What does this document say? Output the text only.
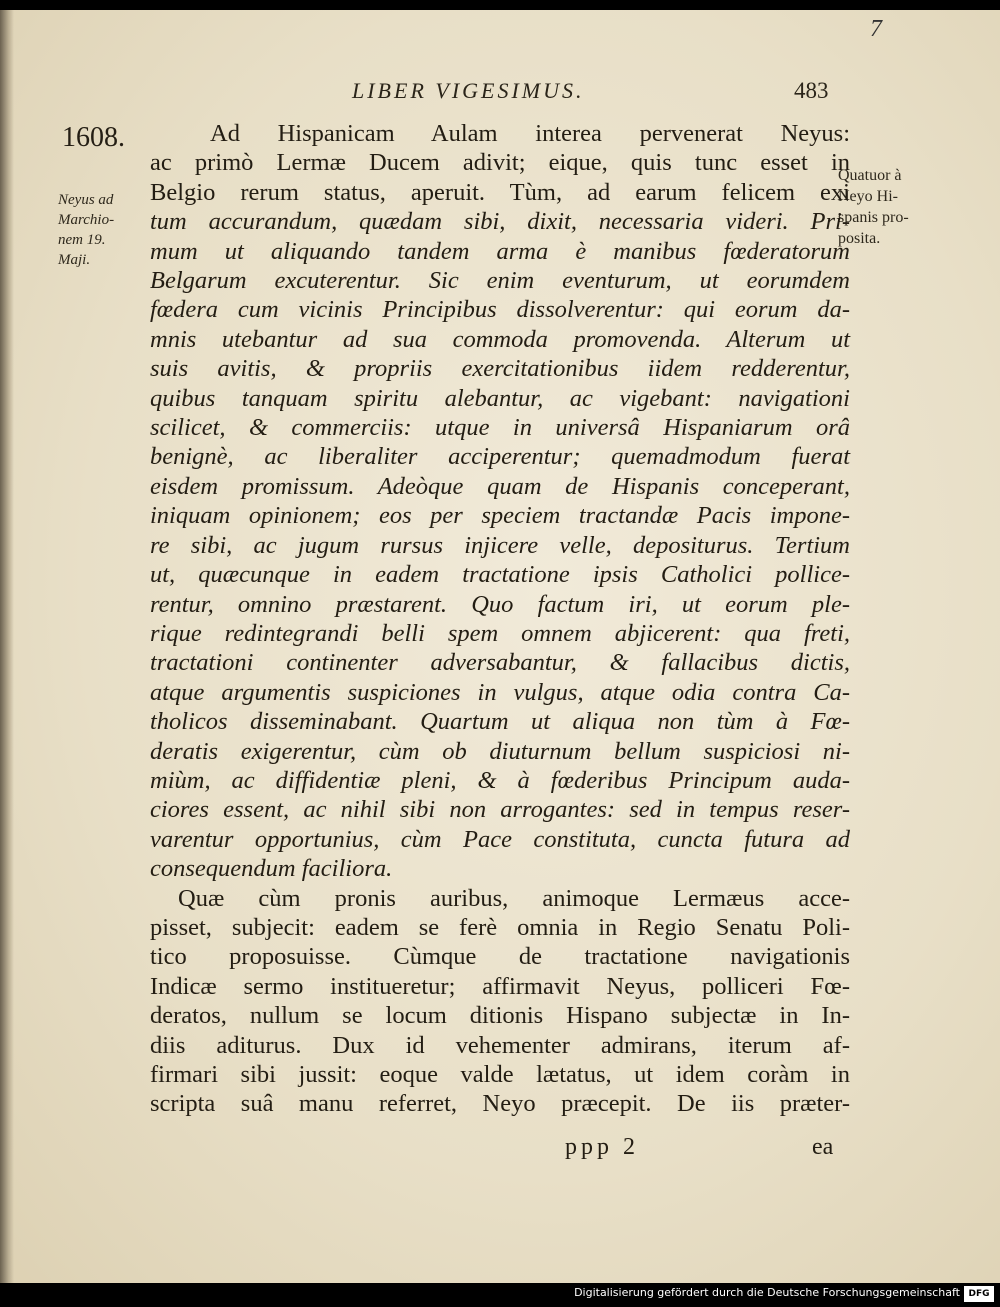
7
LIBER VIGESIMUS.	483
1608.
Neyus ad
Marchio-
nem 19.
Maji.
Quatuor à
Neyo Hi-
spanis pro-
posita.
Ad Hispanicam Aulam interea pervenerat Neyus:
ac primò Lermæ Ducem adivit; eique, quis tunc esset in
Belgio rerum status, aperuit. Tùm, ad earum felicem exi
tum accurandum, quædam sibi, dixit, necessaria videri. Pri-
mum ut aliquando tandem arma è manibus fœderatorum
Belgarum excuterentur. Sic enim eventurum, ut eorumdem
fœdera cum vicinis Principibus dissolverentur: qui eorum da-
mnis utebantur ad sua commoda promovenda. Alterum ut
suis avitis, & propriis exercitationibus iidem redderentur,
quibus tanquam spiritu alebantur, ac vigebant: navigationi
scilicet, & commerciis: utque in universâ Hispaniarum orâ
benignè, ac liberaliter acciperentur; quemadmodum fuerat
eisdem promissum. Adeòque quam de Hispanis conceperant,
iniquam opinionem; eos per speciem tractandæ Pacis impone-
re sibi, ac jugum rursus injicere velle, depositurus. Tertium
ut, quæcunque in eadem tractatione ipsis Catholici pollice-
rentur, omnino præstarent. Quo factum iri, ut eorum ple-
rique redintegrandi belli spem omnem abjicerent: qua freti,
tractationi continenter adversabantur, & fallacibus dictis,
atque argumentis suspiciones in vulgus, atque odia contra Ca-
tholicos disseminabant. Quartum ut aliqua non tùm à Fœ-
deratis exigerentur, cùm ob diuturnum bellum suspiciosi ni-
miùm, ac diffidentiæ pleni, & à fœderibus Principum auda-
ciores essent, ac nihil sibi non arrogantes: sed in tempus reser-
varentur opportunius, cùm Pace constituta, cuncta futura ad
consequendum faciliora.
Quæ cùm pronis auribus, animoque Lermæus acce-
pisset, subjecit: eadem se ferè omnia in Regio Senatu Poli-
tico proposuisse. Cùmque de tractatione navigationis
Indicæ sermo institueretur; affirmavit Neyus, polliceri Fœ-
deratos, nullum se locum ditionis Hispano subjectæ in In-
diis aditurus. Dux id vehementer admirans, iterum af-
firmari sibi jussit: eoque valde lætatus, ut idem coràm in
scripta suâ manu referret, Neyo præcepit. De iis præter-
ppp 2	ea
Digitalisierung gefördert durch die Deutsche Forschungsgemeinschaft DFG
